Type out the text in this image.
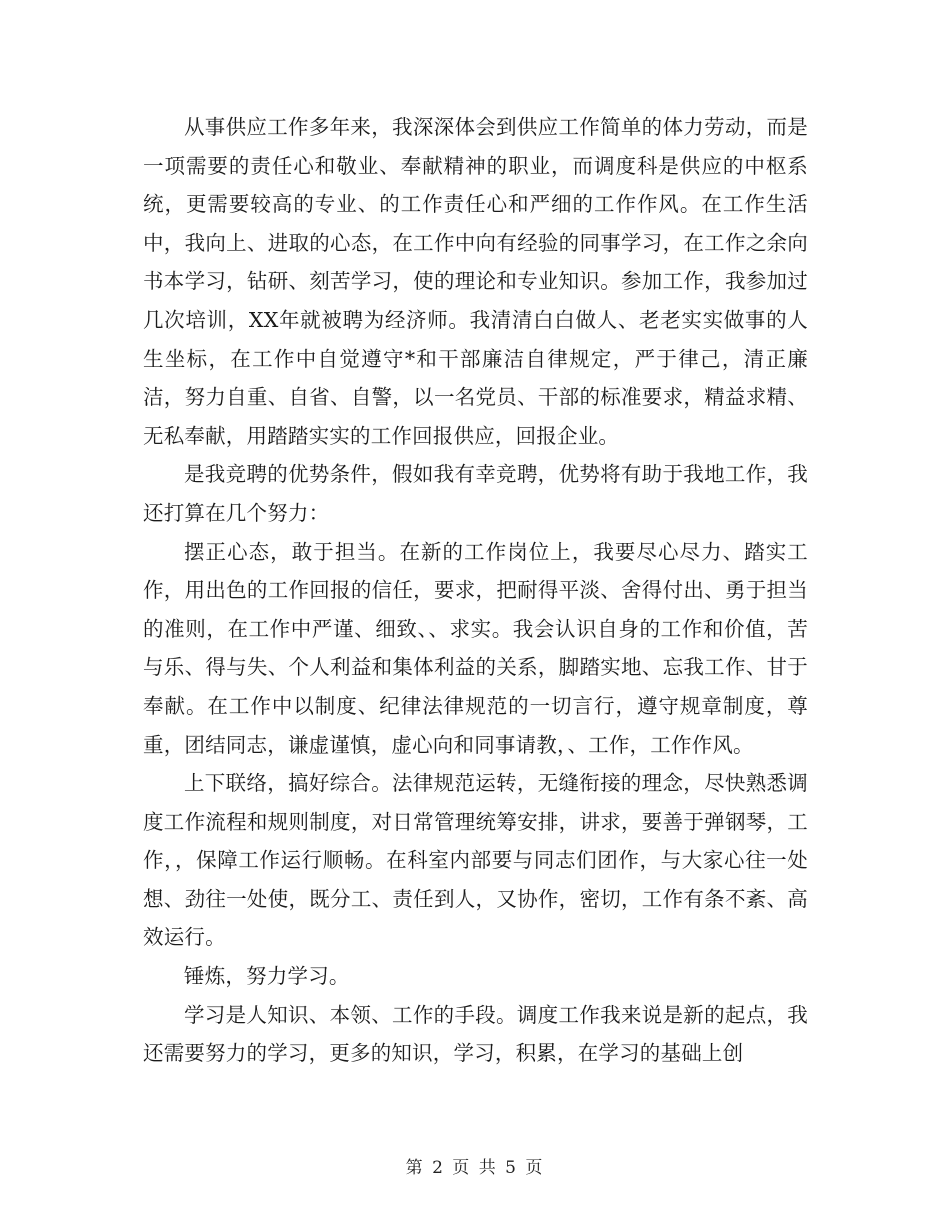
从事供应工作多年来，我深深体会到供应工作简单的体力劳动，而是一项需要的责任心和敬业、奉献精神的职业，而调度科是供应的中枢系统，更需要较高的专业、的工作责任心和严细的工作作风。在工作生活中，我向上、进取的心态，在工作中向有经验的同事学习，在工作之余向书本学习，钻研、刻苦学习，使的理论和专业知识。参加工作，我参加过几次培训，XX年就被聘为经济师。我清清白白做人、老老实实做事的人生坐标，在工作中自觉遵守*和干部廉洁自律规定，严于律己，清正廉洁，努力自重、自省、自警，以一名党员、干部的标准要求，精益求精、无私奉献，用踏踏实实的工作回报供应，回报企业。

是我竞聘的优势条件，假如我有幸竞聘，优势将有助于我地工作，我还打算在几个努力：

摆正心态，敢于担当。在新的工作岗位上，我要尽心尽力、踏实工作，用出色的工作回报的信任，要求，把耐得平淡、舍得付出、勇于担当的准则，在工作中严谨、细致、、求实。我会认识自身的工作和价值，苦与乐、得与失、个人利益和集体利益的关系，脚踏实地、忘我工作、甘于奉献。在工作中以制度、纪律法律规范的一切言行，遵守规章制度，尊重，团结同志，谦虚谨慎，虚心向和同事请教，、工作，工作作风。

上下联络，搞好综合。法律规范运转，无缝衔接的理念，尽快熟悉调度工作流程和规则制度，对日常管理统筹安排，讲求，要善于弹钢琴，工作，，保障工作运行顺畅。在科室内部要与同志们团作，与大家心往一处想、劲往一处使，既分工、责任到人，又协作，密切，工作有条不紊、高效运行。

锤炼，努力学习。

学习是人知识、本领、工作的手段。调度工作我来说是新的起点，我还需要努力的学习，更多的知识，学习，积累，在学习的基础上创

第 2 页 共 5 页
